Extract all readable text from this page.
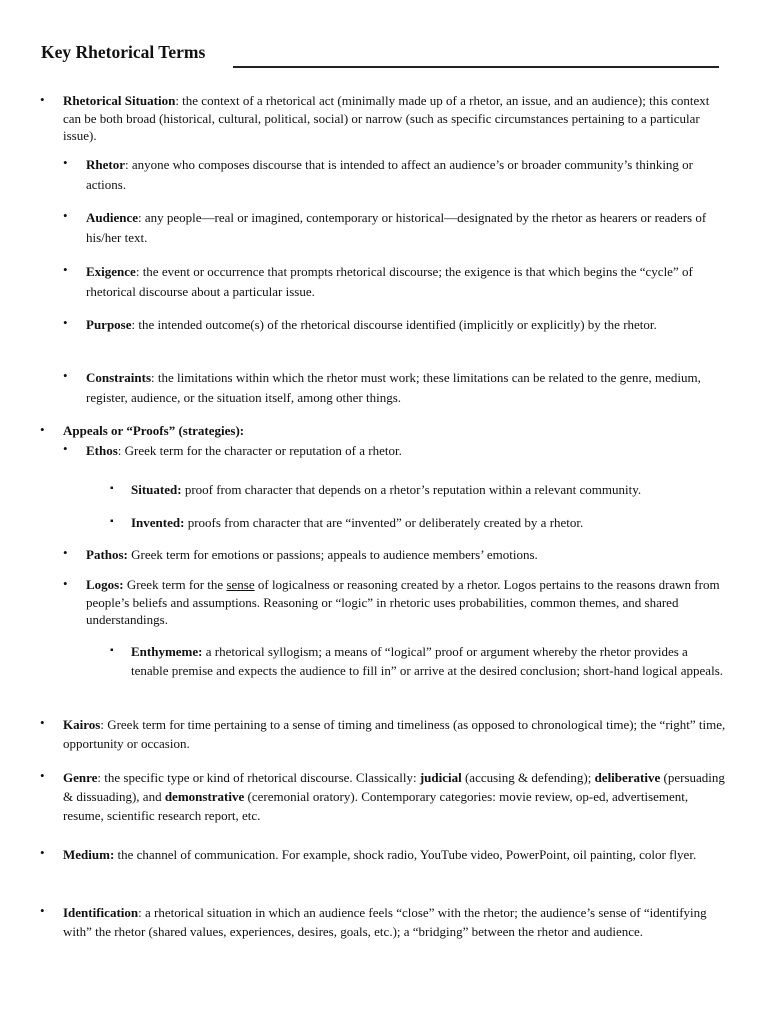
Key Rhetorical Terms
• Rhetorical Situation: the context of a rhetorical act (minimally made up of a rhetor, an issue, and an audience); this context can be both broad (historical, cultural, political, social) or narrow (such as specific circumstances pertaining to a particular issue).

• Rhetor: anyone who composes discourse that is intended to affect an audience’s or broader community’s thinking or actions.

• Audience: any people—real or imagined, contemporary or historical—designated by the rhetor as hearers or readers of his/her text.

• Exigence: the event or occurrence that prompts rhetorical discourse; the exigence is that which begins the “cycle” of rhetorical discourse about a particular issue.

• Purpose: the intended outcome(s) of the rhetorical discourse identified (implicitly or explicitly) by the rhetor.

• Constraints: the limitations within which the rhetor must work; these limitations can be related to the genre, medium, register, audience, or the situation itself, among other things.

• Appeals or “Proofs” (strategies):

• Ethos: Greek term for the character or reputation of a rhetor.

▪ Situated: proof from character that depends on a rhetor’s reputation within a relevant community.

▪ Invented: proofs from character that are “invented” or deliberately created by a rhetor.

• Pathos: Greek term for emotions or passions; appeals to audience members’ emotions.

• Logos: Greek term for the sense of logicalness or reasoning created by a rhetor. Logos pertains to the reasons drawn from people’s beliefs and assumptions. Reasoning or “logic” in rhetoric uses probabilities, common themes, and shared understandings.

▪ Enthymeme: a rhetorical syllogism; a means of “logical” proof or argument whereby the rhetor provides a tenable premise and expects the audience to fill in” or arrive at the desired conclusion; short-hand logical appeals.

• Kairos: Greek term for time pertaining to a sense of timing and timeliness (as opposed to chronological time); the “right” time, opportunity or occasion.

• Genre: the specific type or kind of rhetorical discourse. Classically: judicial (accusing & defending); deliberative (persuading & dissuading), and demonstrative (ceremonial oratory). Contemporary categories: movie review, op-ed, advertisement, resume, scientific research report, etc.

• Medium: the channel of communication. For example, shock radio, YouTube video, PowerPoint, oil painting, color flyer.

• Identification: a rhetorical situation in which an audience feels “close” with the rhetor; the audience’s sense of “identifying with” the rhetor (shared values, experiences, desires, goals, etc.); a “bridging” between the rhetor and audience.
